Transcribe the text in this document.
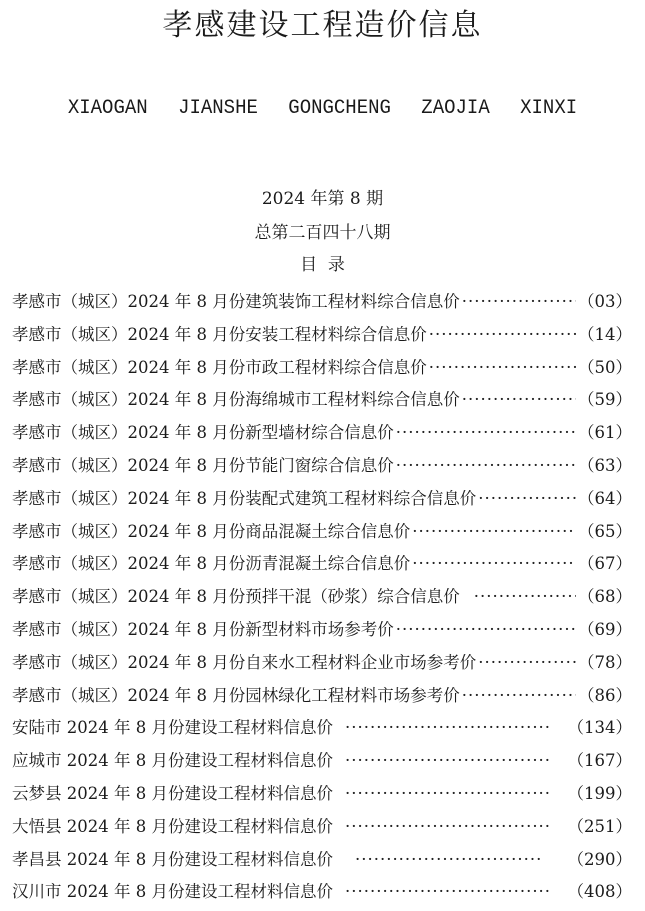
孝感建设工程造价信息
XIAOGAN  JIANSHE  GONGCHENG  ZAOJIA  XINXI
2024 年第 8 期
总第二百四十八期
目  录
孝感市（城区）2024 年 8 月份建筑装饰工程材料综合信息价 ·····	（03）
孝感市（城区）2024 年 8 月份安装工程材料综合信息价 ·····	（14）
孝感市（城区）2024 年 8 月份市政工程材料综合信息价 ·····	（50）
孝感市（城区）2024 年 8 月份海绵城市工程材料综合信息价 ·····	（59）
孝感市（城区）2024 年 8 月份新型墙材综合信息价 ·····	（61）
孝感市（城区）2024 年 8 月份节能门窗综合信息价 ·····	（63）
孝感市（城区）2024 年 8 月份装配式建筑工程材料综合信息价 ·····	（64）
孝感市（城区）2024 年 8 月份商品混凝土综合信息价 ·····	（65）
孝感市（城区）2024 年 8 月份沥青混凝土综合信息价 ·····	（67）
孝感市（城区）2024 年 8 月份预拌干混（砂浆）综合信息价 ·····	（68）
孝感市（城区）2024 年 8 月份新型材料市场参考价 ·····	（69）
孝感市（城区）2024 年 8 月份自来水工程材料企业市场参考价 ·····	（78）
孝感市（城区）2024 年 8 月份园林绿化工程材料市场参考价 ·····	（86）
安陆市 2024 年 8 月份建设工程材料信息价 ·····	（134）
应城市 2024 年 8 月份建设工程材料信息价 ·····	（167）
云梦县 2024 年 8 月份建设工程材料信息价 ·····	（199）
大悟县 2024 年 8 月份建设工程材料信息价 ·····	（251）
孝昌县 2024 年 8 月份建设工程材料信息价 ·····	（290）
汉川市 2024 年 8 月份建设工程材料信息价 ·····	（408）
